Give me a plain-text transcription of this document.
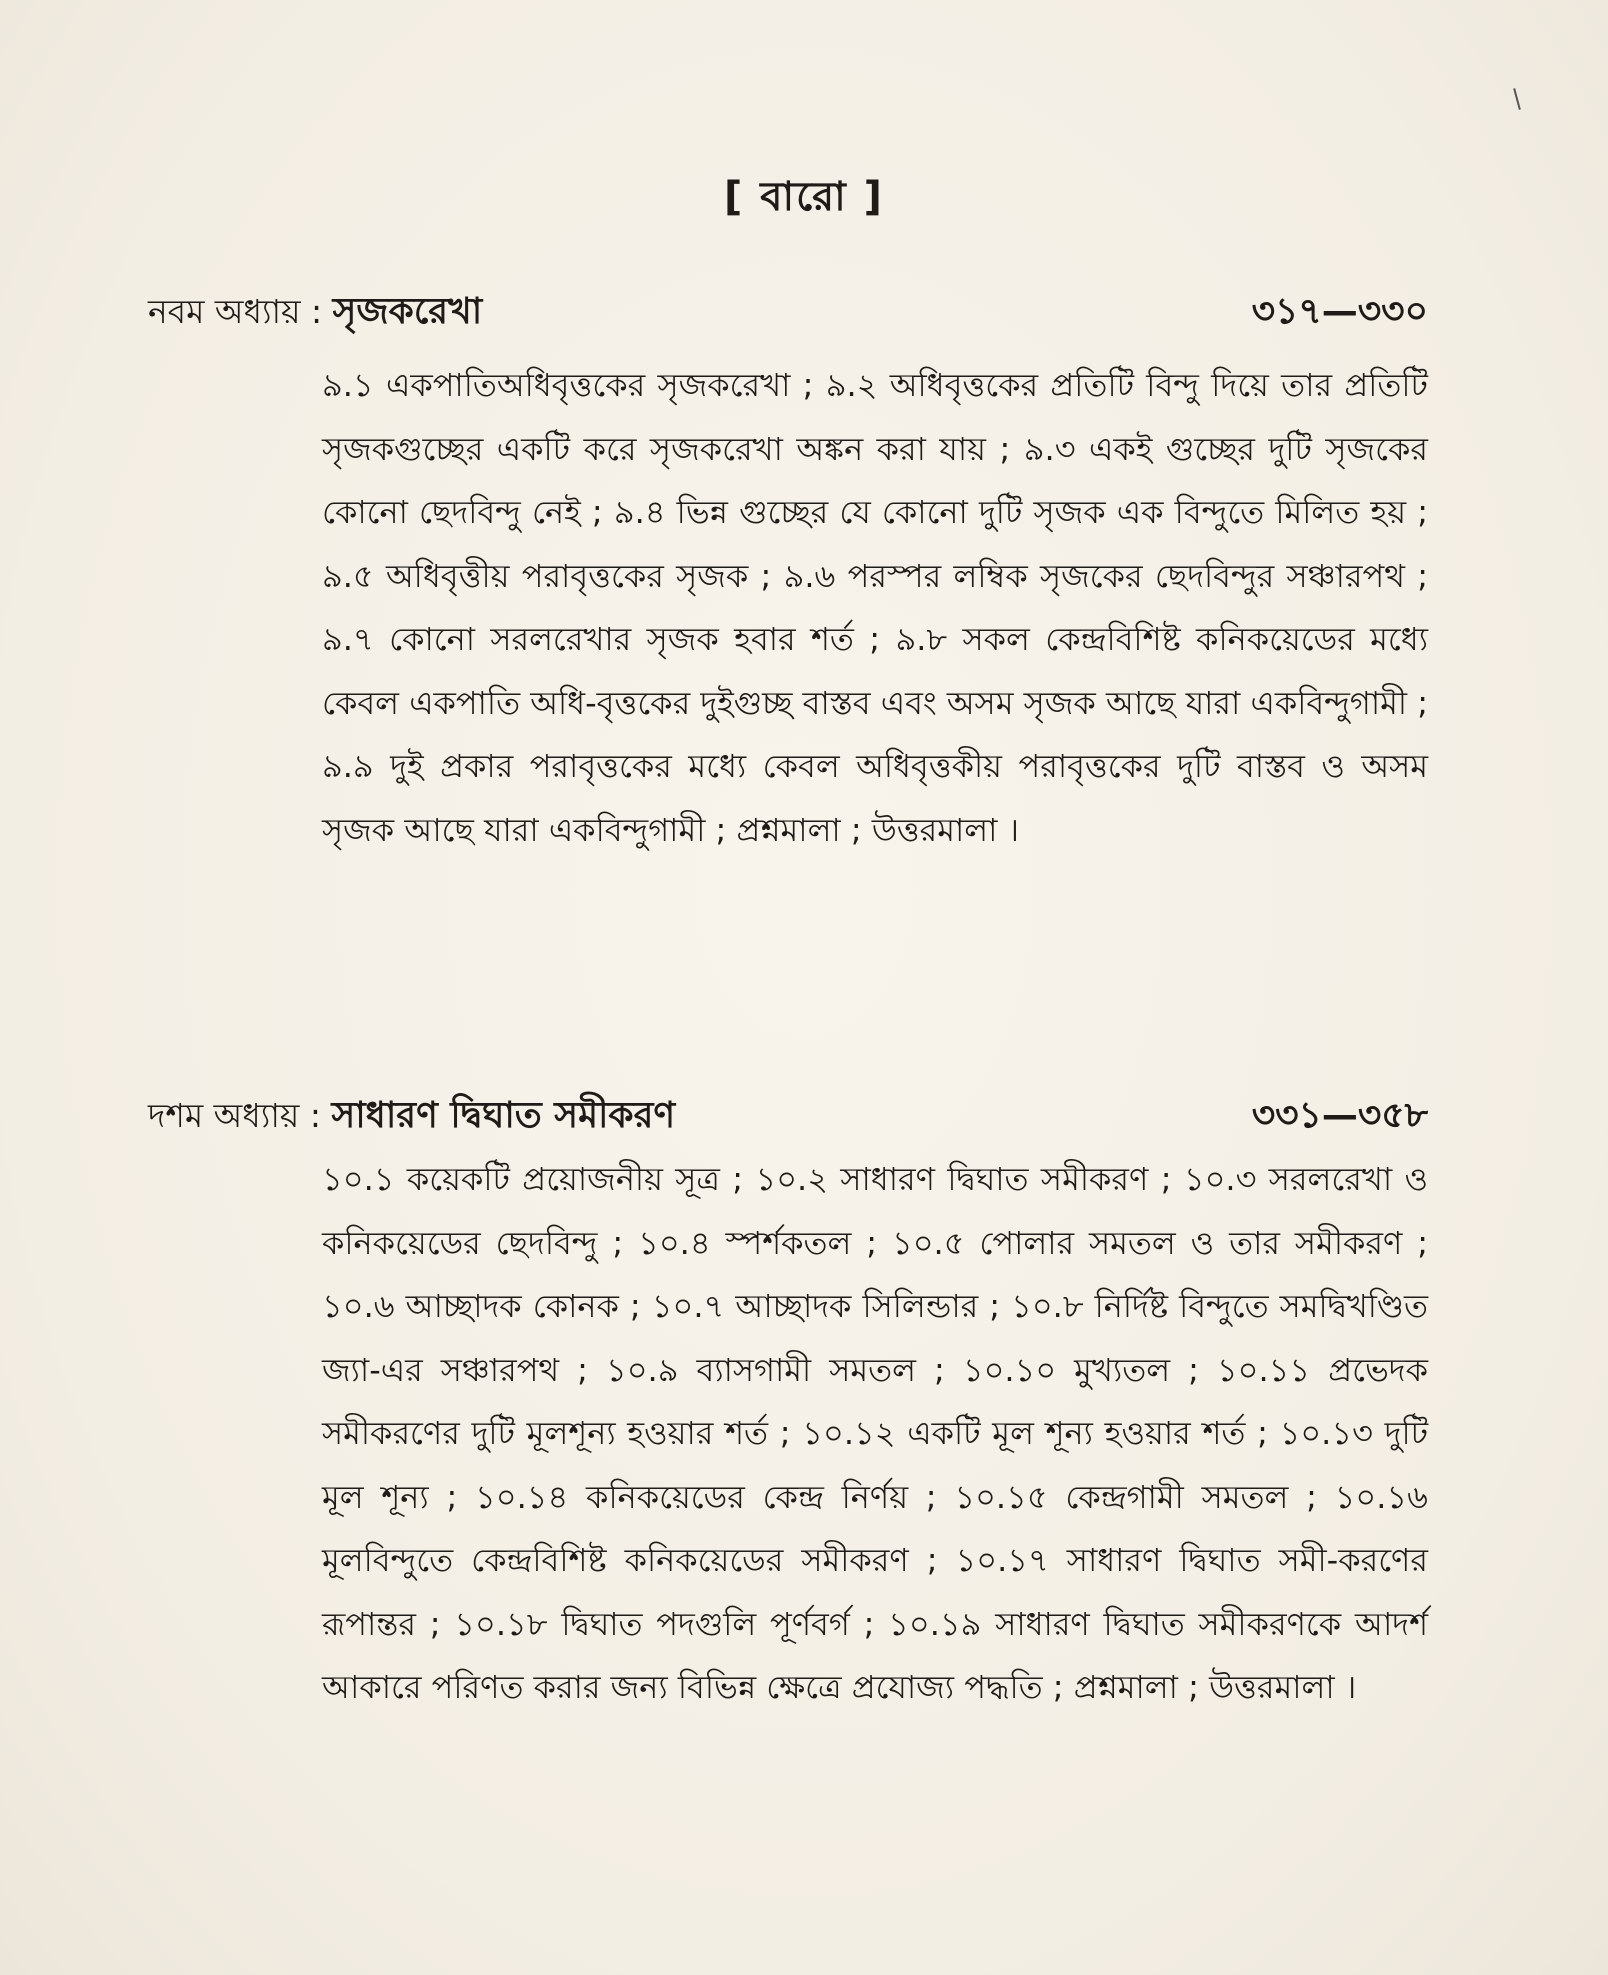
[ বারো ]
নবম অধ্যায় : সৃজকরেখা	৩১৭—৩৩০
৯.১ একপাতিঅধিবৃত্তকের সৃজকরেখা ; ৯.২ অধিবৃত্তকের প্রতিটি বিন্দু দিয়ে তার প্রতিটি সৃজকগুচ্ছের একটি করে সৃজকরেখা অঙ্কন করা যায় ; ৯.৩ একই গুচ্ছের দুটি সৃজকের কোনো ছেদবিন্দু নেই ; ৯.৪ ভিন্ন গুচ্ছের যে কোনো দুটি সৃজক এক বিন্দুতে মিলিত হয় ; ৯.৫ অধিবৃত্তীয় পরাবৃত্তকের সৃজক ; ৯.৬ পরস্পর লম্বিক সৃজকের ছেদবিন্দুর সঞ্চারপথ ; ৯.৭ কোনো সরলরেখার সৃজক হবার শর্ত ; ৯.৮ সকল কেন্দ্রবিশিষ্ট কনিকয়েডের মধ্যে কেবল একপাতি অধি-বৃত্তকের দুইগুচ্ছ বাস্তব এবং অসম সৃজক আছে যারা একবিন্দুগামী ; ৯.৯ দুই প্রকার পরাবৃত্তকের মধ্যে কেবল অধিবৃত্তকীয় পরাবৃত্তকের দুটি বাস্তব ও অসম সৃজক আছে যারা একবিন্দুগামী ; প্রশ্নমালা ; উত্তরমালা ।
দশম অধ্যায় : সাধারণ দ্বিঘাত সমীকরণ	৩৩১—৩৫৮
১০.১ কয়েকটি প্রয়োজনীয় সূত্র ; ১০.২ সাধারণ দ্বিঘাত সমীকরণ ; ১০.৩ সরলরেখা ও কনিকয়েডের ছেদবিন্দু ; ১০.৪ স্পর্শকতল ; ১০.৫ পোলার সমতল ও তার সমীকরণ ; ১০.৬ আচ্ছাদক কোনক ; ১০.৭ আচ্ছাদক সিলিন্ডার ; ১০.৮ নির্দিষ্ট বিন্দুতে সমদ্বিখণ্ডিত জ্যা-এর সঞ্চারপথ ; ১০.৯ ব্যাসগামী সমতল ; ১০.১০ মুখ্যতল ; ১০.১১ প্রভেদক সমীকরণের দুটি মূলশূন্য হওয়ার শর্ত ; ১০.১২ একটি মূল শূন্য হওয়ার শর্ত ; ১০.১৩ দুটি মূল শূন্য ; ১০.১৪ কনিকয়েডের কেন্দ্র নির্ণয় ; ১০.১৫ কেন্দ্রগামী সমতল ; ১০.১৬ মূলবিন্দুতে কেন্দ্রবিশিষ্ট কনিকয়েডের সমীকরণ ; ১০.১৭ সাধারণ দ্বিঘাত সমী-করণের রূপান্তর ; ১০.১৮ দ্বিঘাত পদগুলি পূর্ণবর্গ ; ১০.১৯ সাধারণ দ্বিঘাত সমীকরণকে আদর্শ আকারে পরিণত করার জন্য বিভিন্ন ক্ষেত্রে প্রযোজ্য পদ্ধতি ; প্রশ্নমালা ; উত্তরমালা ।
